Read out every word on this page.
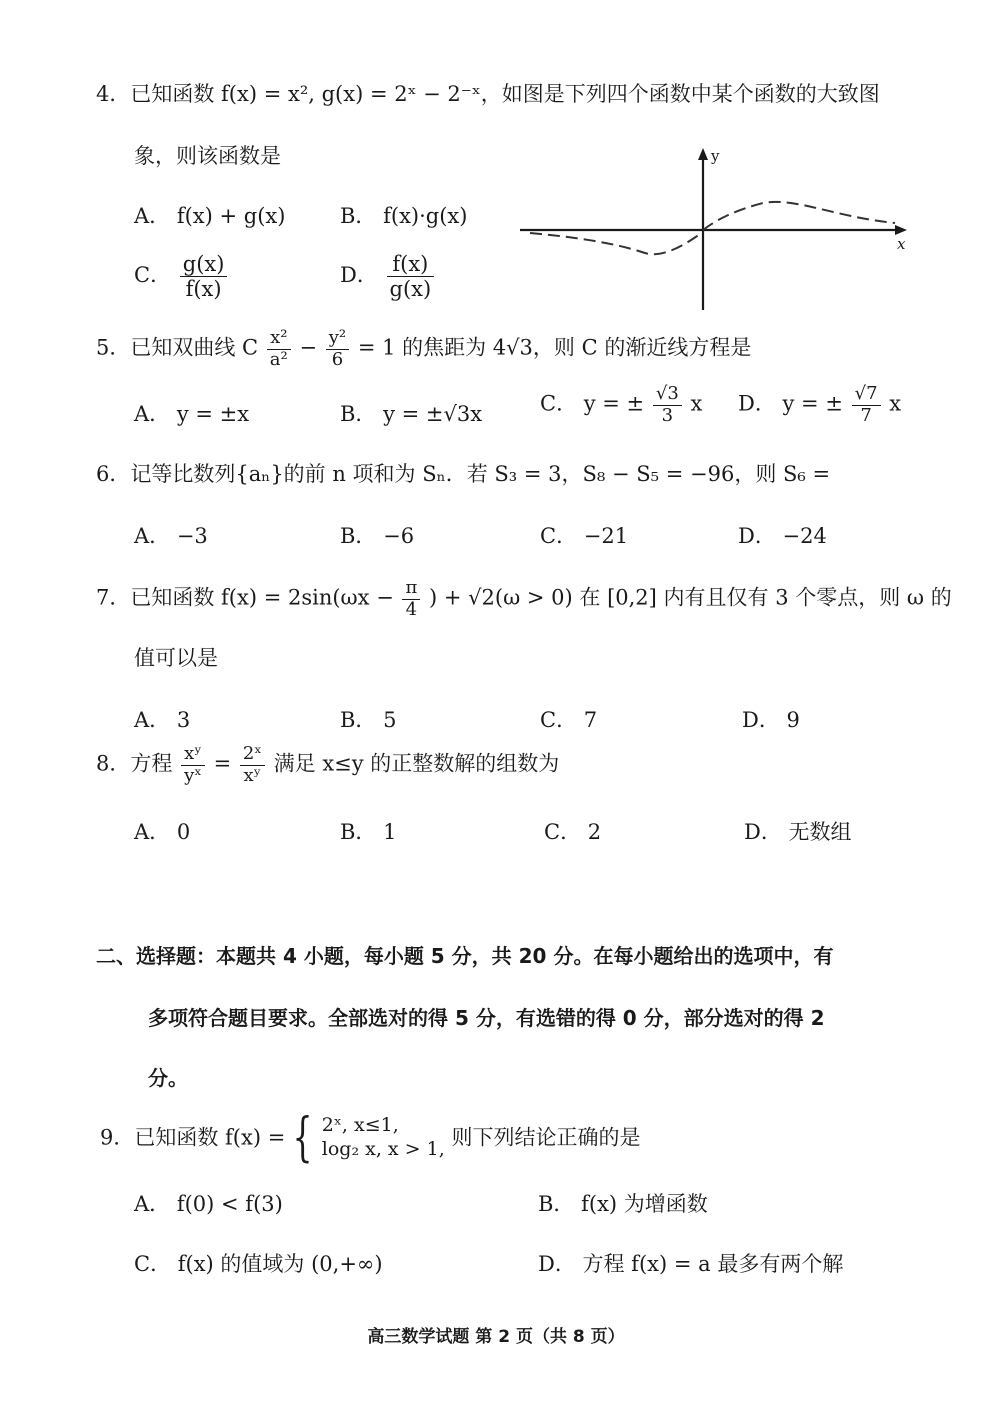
4．已知函数 f(x) = x², g(x) = 2ˣ − 2⁻ˣ，如图是下列四个函数中某个函数的大致图
象，则该函数是
A． f(x) + g(x)	B． f(x)·g(x)
C． $\frac{g(x)}{f(x)}$	D． $\frac{f(x)}{g(x)}$
x
y
5．已知双曲线 C $\frac{\text{x²}}{\text{a²}} - \frac{\text{y²}}{6} = 1$ 的焦距为 4√3，则 C 的渐近线方程是
A． y = ±x	B． y = ±√3x	C． y = ± $\frac{√3}{3}$ x D． y = ± $\frac{√7}{7}$ x
6．记等比数列{aₙ}的前 n 项和为 Sₙ．若 S₃ = 3，S₈ − S₅ = −96，则 S₆ =
A． −3	B． −6	C． −21	D． −24
7．已知函数 $f(x) = 2\sin(\omega x - \frac{\pi}{4}$ ) + √2(ω > 0) 在 [0,2] 内有且仅有 3 个零点，则 ω 的
值可以是
A． 3	B． 5	C． 7	D． 9
8．方程 $\frac{\text{xʸ}}{\text{yˣ}} = \frac{\text{2ˣ}}{\text{xʸ}}$ 满足 x≤y 的正整数解的组数为
A． 0	B． 1	C． 2	D． 无数组
二、选择题：本题共 4 小题，每小题 5 分，共 20 分。在每小题给出的选项中，有
多项符合题目要求。全部选对的得 5 分，有选错的得 0 分，部分选对的得 2
分。
9．已知函数 f(x) = { 2ˣ, x≤1,
log₂ x, x > 1, 则下列结论正确的是
A． f(0) < f(3)	B． f(x) 为增函数
C． f(x) 的值域为 (0,+∞)	D． 方程 f(x) = a 最多有两个解
高三数学试题 第 2 页（共 8 页）
